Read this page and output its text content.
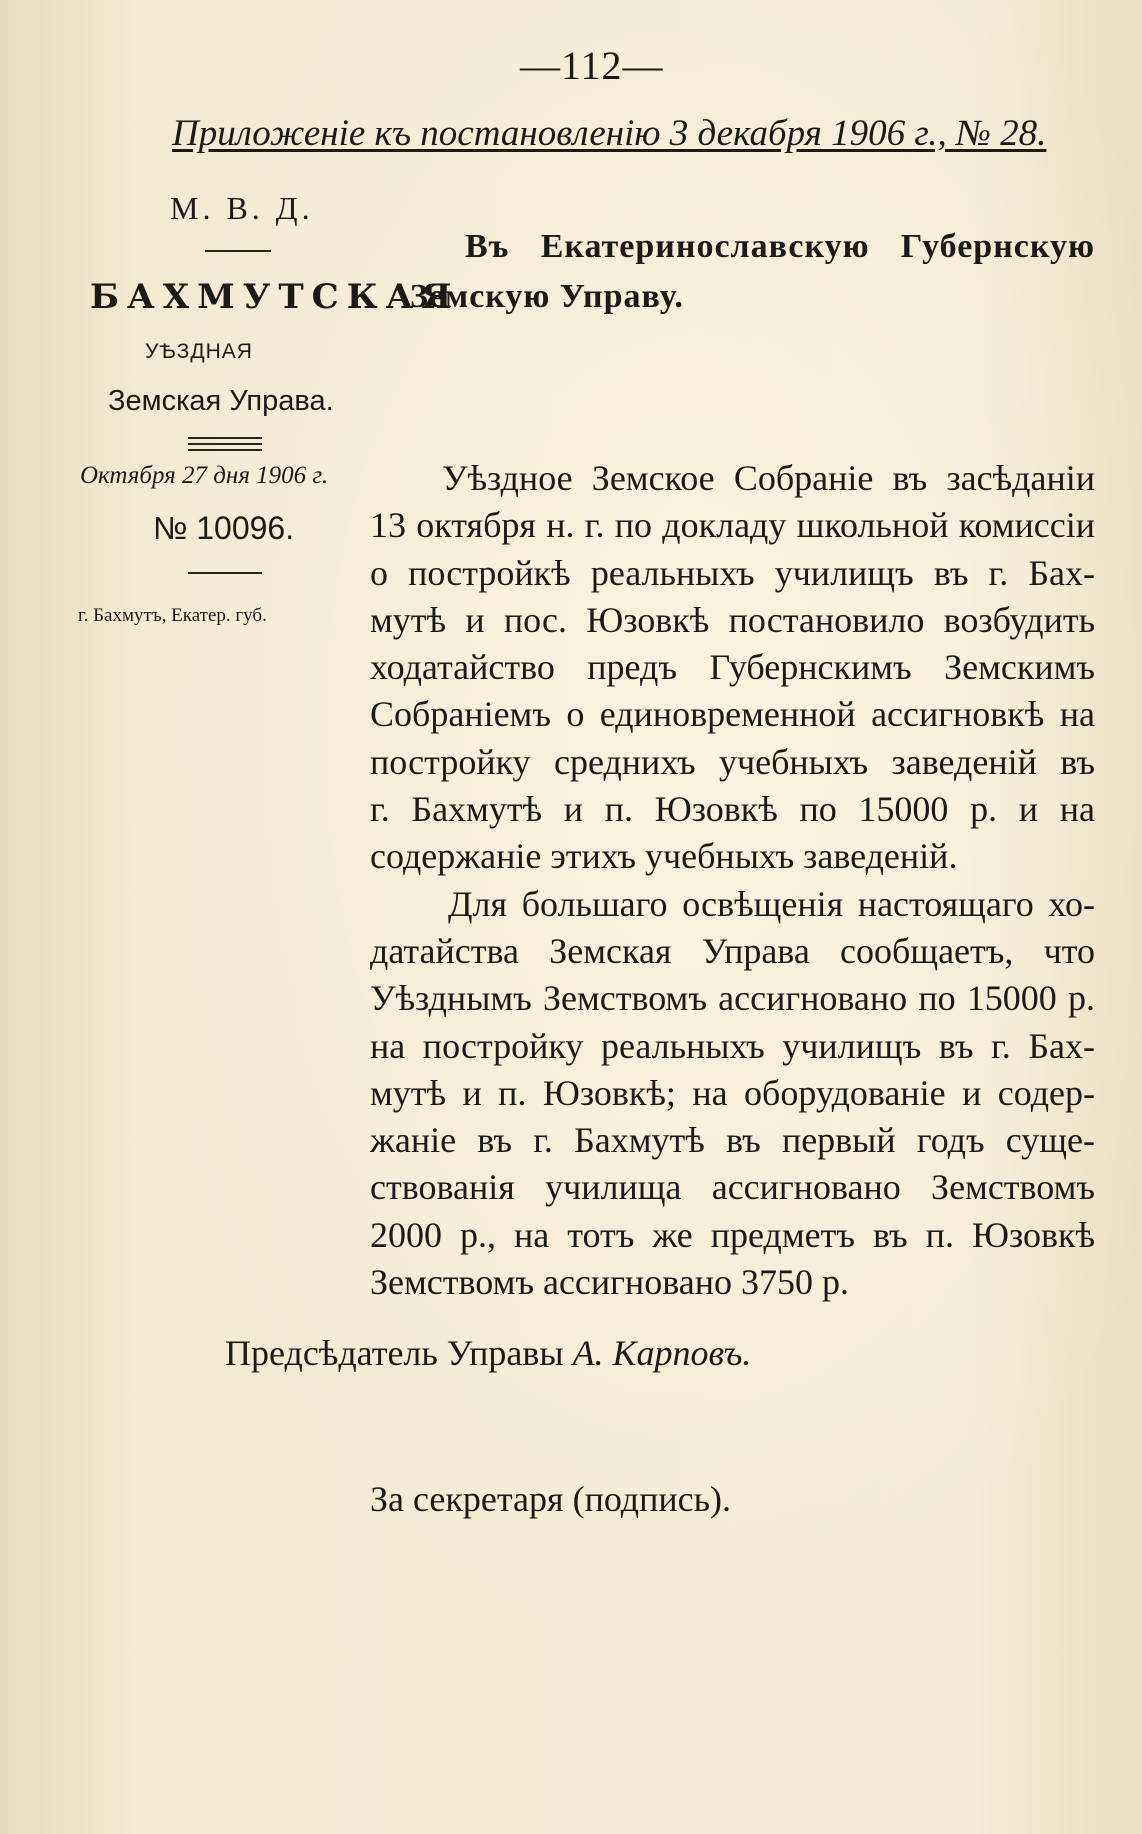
—112—
Приложеніе къ постановленію 3 декабря 1906 г., № 28.
М. В. Д.
БАХМУТСКАЯ
УѢЗДНАЯ
Земская Управа.
Октября 27 дня 1906 г.
№ 10096.
г. Бахмутъ, Екатер. губ.
Въ Екатеринославскую Губернскую
Земскую Управу.
Уѣздное Земское Собраніе въ засѣданіи
13 октября н. г. по докладу школьной комиссіи
о постройкѣ реальныхъ училищъ въ г. Бах-
мутѣ и пос. Юзовкѣ постановило возбудить
ходатайство предъ Губернскимъ Земскимъ
Собраніемъ о единовременной ассигновкѣ на
постройку среднихъ учебныхъ заведеній въ
г. Бахмутѣ и п. Юзовкѣ по 15000 р. и на
содержаніе этихъ учебныхъ заведеній.
Для большаго освѣщенія настоящаго хо-
датайства Земская Управа сообщаетъ, что
Уѣзднымъ Земствомъ ассигновано по 15000 р.
на постройку реальныхъ училищъ въ г. Бах-
мутѣ и п. Юзовкѣ; на оборудованіе и содер-
жаніе въ г. Бахмутѣ въ первый годъ суще-
ствованія училища ассигновано Земствомъ
2000 р., на тотъ же предметъ въ п. Юзовкѣ
Земствомъ ассигновано 3750 р.
Предсѣдатель Управы А. Карповъ.
За секретаря (подпись).
